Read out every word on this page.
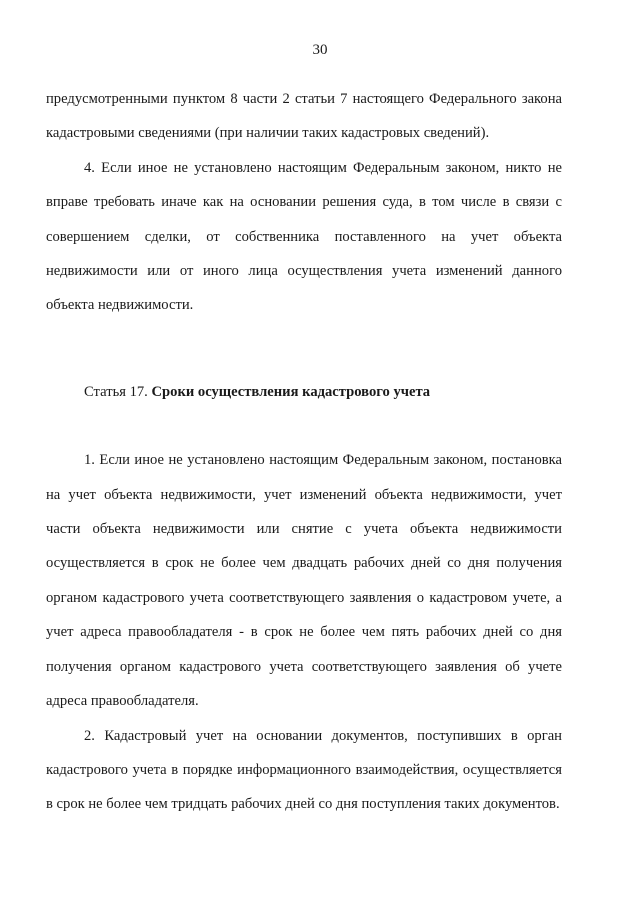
30

предусмотренными пунктом 8 части 2 статьи 7 настоящего Федерального закона кадастровыми сведениями (при наличии таких кадастровых сведений).

4. Если иное не установлено настоящим Федеральным законом, никто не вправе требовать иначе как на основании решения суда, в том числе в связи с совершением сделки, от собственника поставленного на учет объекта недвижимости или от иного лица осуществления учета изменений данного объекта недвижимости.

Статья 17. Сроки осуществления кадастрового учета

1. Если иное не установлено настоящим Федеральным законом, постановка на учет объекта недвижимости, учет изменений объекта недвижимости, учет части объекта недвижимости или снятие с учета объекта недвижимости осуществляется в срок не более чем двадцать рабочих дней со дня получения органом кадастрового учета соответствующего заявления о кадастровом учете, а учет адреса правообладателя - в срок не более чем пять рабочих дней со дня получения органом кадастрового учета соответствующего заявления об учете адреса правообладателя.

2. Кадастровый учет на основании документов, поступивших в орган кадастрового учета в порядке информационного взаимодействия, осуществляется в срок не более чем тридцать рабочих дней со дня поступления таких документов.
